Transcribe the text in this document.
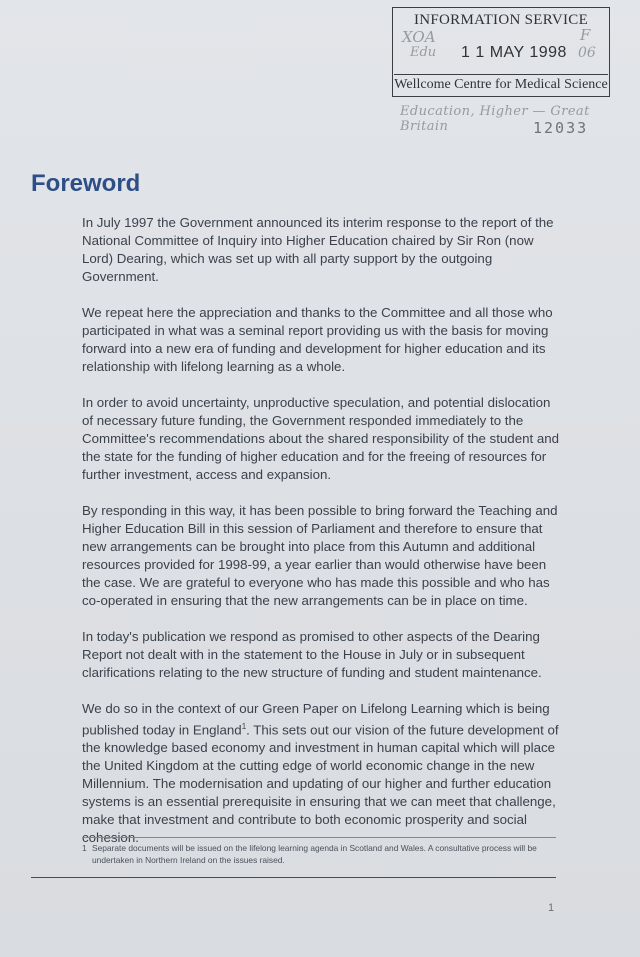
INFORMATION SERVICE
1 1 MAY 1998
Wellcome Centre for Medical Science
XOA
Edu
F
06
Education, Higher — Great Britain	12033
Foreword

In July 1997 the Government announced its interim response to the report of the National Committee of Inquiry into Higher Education chaired by Sir Ron (now Lord) Dearing, which was set up with all party support by the outgoing Government.

We repeat here the appreciation and thanks to the Committee and all those who participated in what was a seminal report providing us with the basis for moving forward into a new era of funding and development for higher education and its relationship with lifelong learning as a whole.

In order to avoid uncertainty, unproductive speculation, and potential dislocation of necessary future funding, the Government responded immediately to the Committee's recommendations about the shared responsibility of the student and the state for the funding of higher education and for the freeing of resources for further investment, access and expansion.

By responding in this way, it has been possible to bring forward the Teaching and Higher Education Bill in this session of Parliament and therefore to ensure that new arrangements can be brought into place from this Autumn and additional resources provided for 1998-99, a year earlier than would otherwise have been the case. We are grateful to everyone who has made this possible and who has co-operated in ensuring that the new arrangements can be in place on time.

In today's publication we respond as promised to other aspects of the Dearing Report not dealt with in the statement to the House in July or in subsequent clarifications relating to the new structure of funding and student maintenance.

We do so in the context of our Green Paper on Lifelong Learning which is being published today in England$^1$. This sets out our vision of the future development of the knowledge based economy and investment in human capital which will place the United Kingdom at the cutting edge of world economic change in the new Millennium. The modernisation and updating of our higher and further education systems is an essential prerequisite in ensuring that we can meet that challenge, make that investment and contribute to both economic prosperity and social cohesion.

1 Separate documents will be issued on the lifelong learning agenda in Scotland and Wales. A consultative process will be undertaken in Northern Ireland on the issues raised.
1
